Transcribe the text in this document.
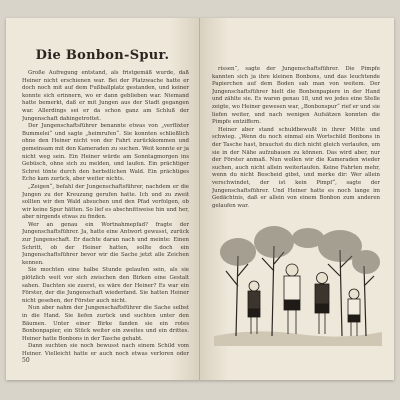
Die Bonbon-Spur.

Große Aufregung entstand, als fristgemäß wurde, daß Heiner nicht erschienen war. Bei der Platzwache hatte er doch noch mit auf dem Fußballplatz gestanden, und keiner konnte sich erinnern, wo er dann geblieben war. Niemand hatte bemerkt, daß er mit Jungen aus der Stadt gegangen war. Allerdings sei er da schon ganz am Schluß der Jungenschaft dahingetrottet.

Der Jungenschaftsführer benannte etwas von „verflixter Bummelei“ und sagte „heimrufen“. Sie konnten schließlich ohne den Heiner nicht von der Fahrt zurückkommen und gemeinsam mit den Kameraden zu suchen. Weit konnte er ja nicht weg sein. Ein Heiner würde am Sonntagmorgen ins Gebüsch, ohne sich zu melden, und laufen. Ein prächtiger Schrei tönte durch den herbstlichen Wald. Ein prächtiges Echo kam zurück, aber weiter nichts.

„Zeigen“, befahl der Jungenschaftsführer, nachdem er die Jungen zu der Kreuzung gerufen hatte. Ich und zu zweit sollten wir den Wald absuchen und den Pfad verfolgen, ob wir keine Spur hätten. So lief es abschnittweise hin und her, aber nirgends etwas zu finden.

Wer an genau ein Wortnahmepfad? fragte der Jungenschaftsführer. Ja, hatte eine Antwort gewusst, zurück zur Jungenschaft. Er dachte daran nach und meinte: Einen Schritt, ob der Heiner hatten, sollte doch ein Jungenschaftsführer bevor wir die Sache jetzt alle Zeichen kennen.

Sie mochten eine halbe Stunde gelaufen sein, als sie plötzlich weit vor sich zwischen den Birken eine Gestalt sahen. Dachten sie zuerst, es wäre der Heiner? Es war ein Förster, der die Jungenschaft wiederfand. Sie hatten Heiner nicht gesehen, der Förster auch nicht.

Nun aber nahm der Jungenschaftsführer die Sache selbst in die Hand. Sie liefen zurück und suchten unter den Bäumen. Unter einer Birke fanden sie ein rotes Bonbonpapier, ein Stück weiter ein zweites und ein drittes. Heiner hatte Bonbons in der Tasche gehabt.

Dann suchten sie noch bewusst nach einem Schild vom Heiner. Vielleicht hatte er auch noch etwas verloren oder

50

rissen“, sagte der Jungenschaftsführer. Die Pimpfe kannten sich ja ihre kleinen Bonbons, und das leuchtende Papierchen auf dem Boden sah man von weitem. Der Jungenschaftsführer hielt die Bonbonpapiere in der Hand und zählte sie. Es waren genau 18, und wo jedes eine Stelle zeigte, wo Heiner gewesen war, „Bonbonspur“ rief er und sie liefen weiter, und nach wenigen Aufsätzen konnten die Pimpfe entziffern.

Heiner aber stand schuldbewußt in ihrer Mitte und schwieg. „Wenn du noch einmal ein Wortschild Bonbons in der Tasche hast, brauchst du dich nicht gleich verlaufen, um sie in der Nähe aufzubauen zu können. Das wird aber, nur der Förster anmaß. Nun wollen wir die Kameraden wieder suchen, auch nicht allein weiterlaufen. Keine Fahrten mehr, wenn du nicht Bescheid gibst, und merke dir: Wer allein verschwindet, der ist kein Pimpf“, sagte der Jungenschaftsführer. Und Heiner hatte es noch lange im Gedächtnis, daß er allein von einem Bonbon zum anderen gelaufen war.
